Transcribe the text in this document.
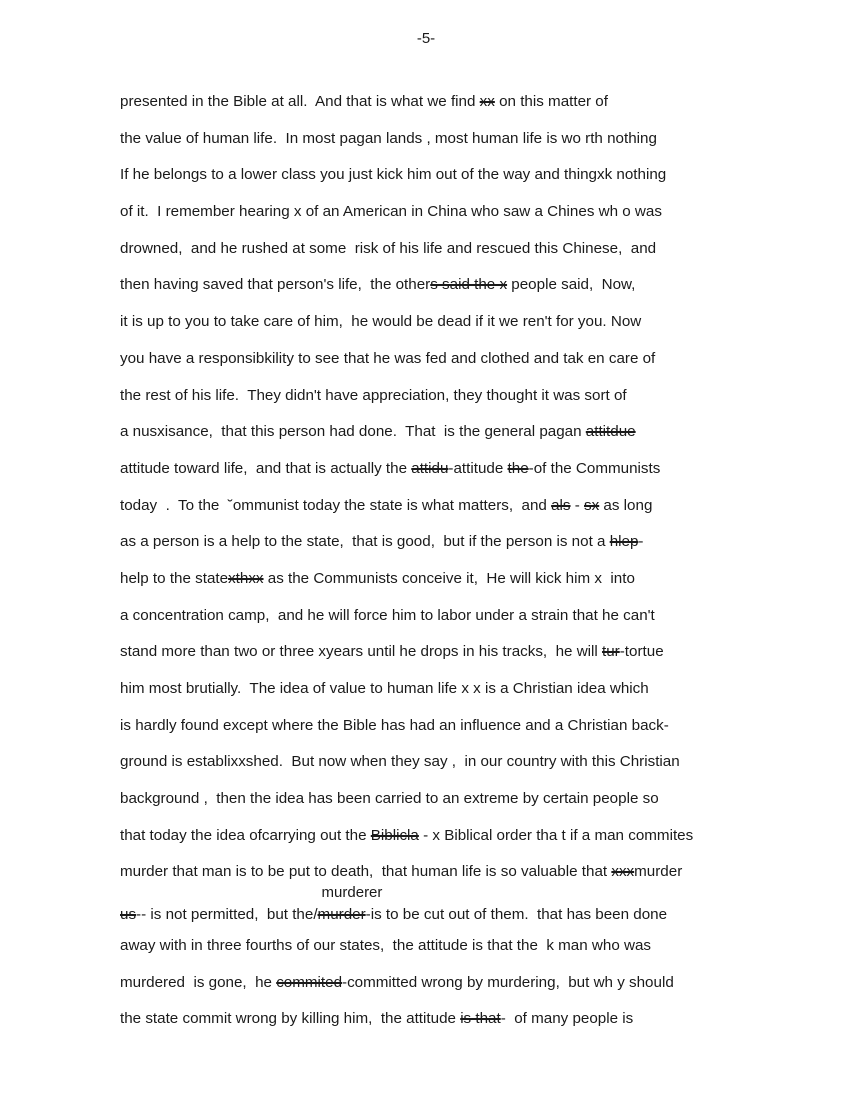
-5-
presented in the Bible at all.  And that is what we find xx on this matter of
the value of human life.  In most pagan lands , most human life is wo rth nothing
If he belongs to a lower class you just kick him out of the way and thingxk nothing
of it.  I remember hearing x of an American in China who saw a Chines wh o was
drowned,  and he rushed at some  risk of his life and rescued this Chinese,  and
then having saved that person's life,  the others said the x people said,  Now,
it is up to you to take care of him,  he would be dead if it we ren't for you. Now
you have a responsibkility to see that he was fed and clothed and tak en care of
the rest of his life.  They didn't have appreciation, they thought it was sort of
a nusxisance,  that this person had done.  That  is the general pagan attitdue
attitude toward life,  and that is actually the attidu-attitude the-of the Communists
today  .  To the  ˘ommunist today the state is what matters,  and als - sx as long
as a person is a help to the state,  that is good,  but if the person is not a hlep-
help to the statexthxx as the Communists conceive it,  He will kick him x  into
a concentration camp,  and he will force him to labor under a strain that he can't
stand more than two or three xyears until he drops in his tracks,  he will tur-tortue
him most brutially.  The idea of value to human life x x is a Christian idea which
is hardly found except where the Bible has had an influence and a Christian back-
ground is establixxshed.  But now when they say ,  in our country with this Christian
background ,  then the idea has been carried to an extreme by certain people so
that today the idea ofcarrying out the Biblicla - x Biblical order tha t if a man commites
murder that man is to be put to death,  that human life is so valuable that xxxmurder
us-- is not permitted,  but the/
murderer
murder-is to be cut out of them.  that has been done
away with in three fourths of our states,  the attitude is that the  k man who was
murdered  is gone,  he commited-committed wrong by murdering,  but wh y should
the state commit wrong by killing him,  the attitude is that-  of many people is
